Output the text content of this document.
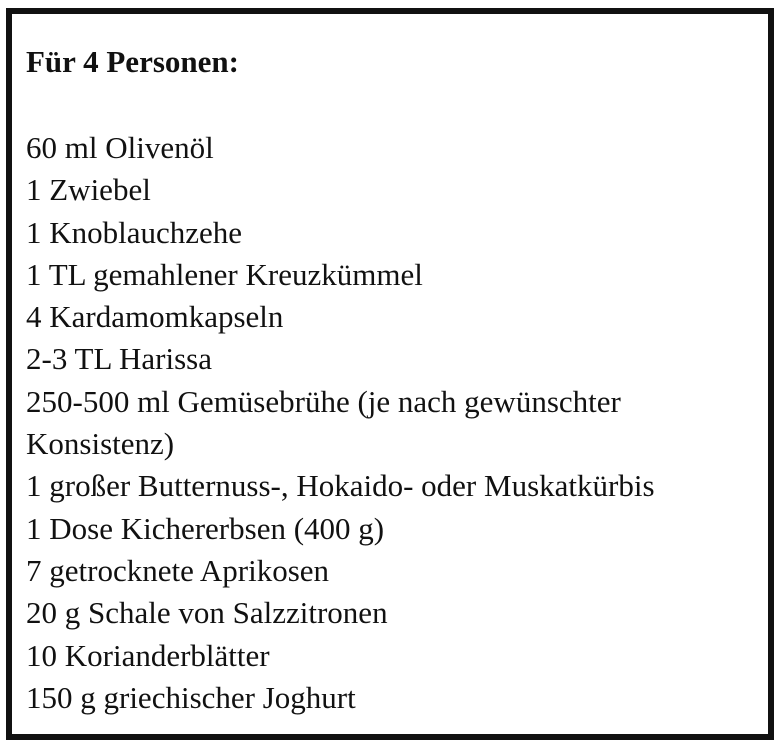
Für 4 Personen:
60 ml Olivenöl
1 Zwiebel
1 Knoblauchzehe
1 TL gemahlener Kreuzkümmel
4 Kardamomkapseln
2-3 TL Harissa
250-500 ml Gemüsebrühe (je nach gewünschter
Konsistenz)
1 großer Butternuss-, Hokaido- oder Muskatkürbis
1 Dose Kichererbsen (400 g)
7 getrocknete Aprikosen
20 g Schale von Salzzitronen
10 Korianderblätter
150 g griechischer Joghurt
